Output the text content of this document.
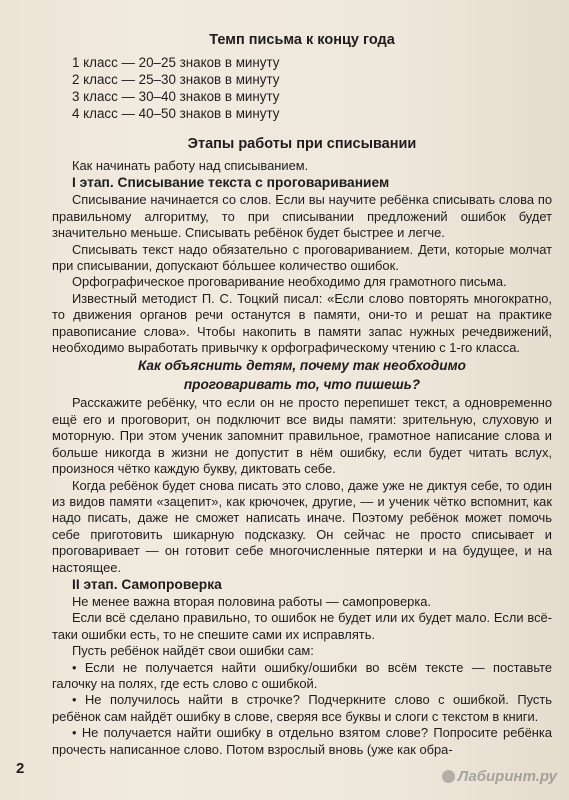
Темп письма к концу года
1 класс — 20–25 знаков в минуту
2 класс — 25–30 знаков в минуту
3 класс — 30–40 знаков в минуту
4 класс — 40–50 знаков в минуту
Этапы работы при списывании

Как начинать работу над списыванием.

I этап. Списывание текста с проговариванием

Списывание начинается со слов. Если вы научите ребёнка списывать слова по правильному алгоритму, то при списывании предложений ошибок будет значительно меньше. Списывать ребёнок будет быстрее и легче.

Списывать текст надо обязательно с проговариванием. Дети, которые молчат при списывании, допускают бо́льшее количество ошибок.

Орфографическое проговаривание необходимо для грамотного письма.

Известный методист П. С. Тоцкий писал: «Если слово повторять многократно, то движения органов речи останутся в памяти, они-то и решат на практике правописание слова». Чтобы накопить в памяти запас нужных речедвижений, необходимо выработать привычку к орфографическому чтению с 1-го класса.

Как объяснить детям, почему так необходимо
проговаривать то, что пишешь?

Расскажите ребёнку, что если он не просто перепишет текст, а одновременно ещё его и проговорит, он подключит все виды памяти: зрительную, слуховую и моторную. При этом ученик запомнит правильное, грамотное написание слова и больше никогда в жизни не допустит в нём ошибку, если будет читать вслух, произнося чётко каждую букву, диктовать себе.

Когда ребёнок будет снова писать это слово, даже уже не диктуя себе, то один из видов памяти «зацепит», как крючочек, другие, — и ученик чётко вспомнит, как надо писать, даже не сможет написать иначе. Поэтому ребёнок может помочь себе приготовить шикарную подсказку. Он сейчас не просто списывает и проговаривает — он готовит себе многочисленные пятерки и на будущее, и на настоящее.

II этап. Самопроверка

Не менее важна вторая половина работы — самопроверка.

Если всё сделано правильно, то ошибок не будет или их будет мало. Если всё-таки ошибки есть, то не спешите сами их исправлять.

Пусть ребёнок найдёт свои ошибки сам:

• Если не получается найти ошибку/ошибки во всём тексте — поставьте галочку на полях, где есть слово с ошибкой.

• Не получилось найти в строчке? Подчеркните слово с ошибкой. Пусть ребёнок сам найдёт ошибку в слове, сверяя все буквы и слоги с текстом в книги.

• Не получается найти ошибку в отдельно взятом слове? Попросите ребёнка прочесть написанное слово. Потом взрослый вновь (уже как обра-

2	Лабиринт.ру
